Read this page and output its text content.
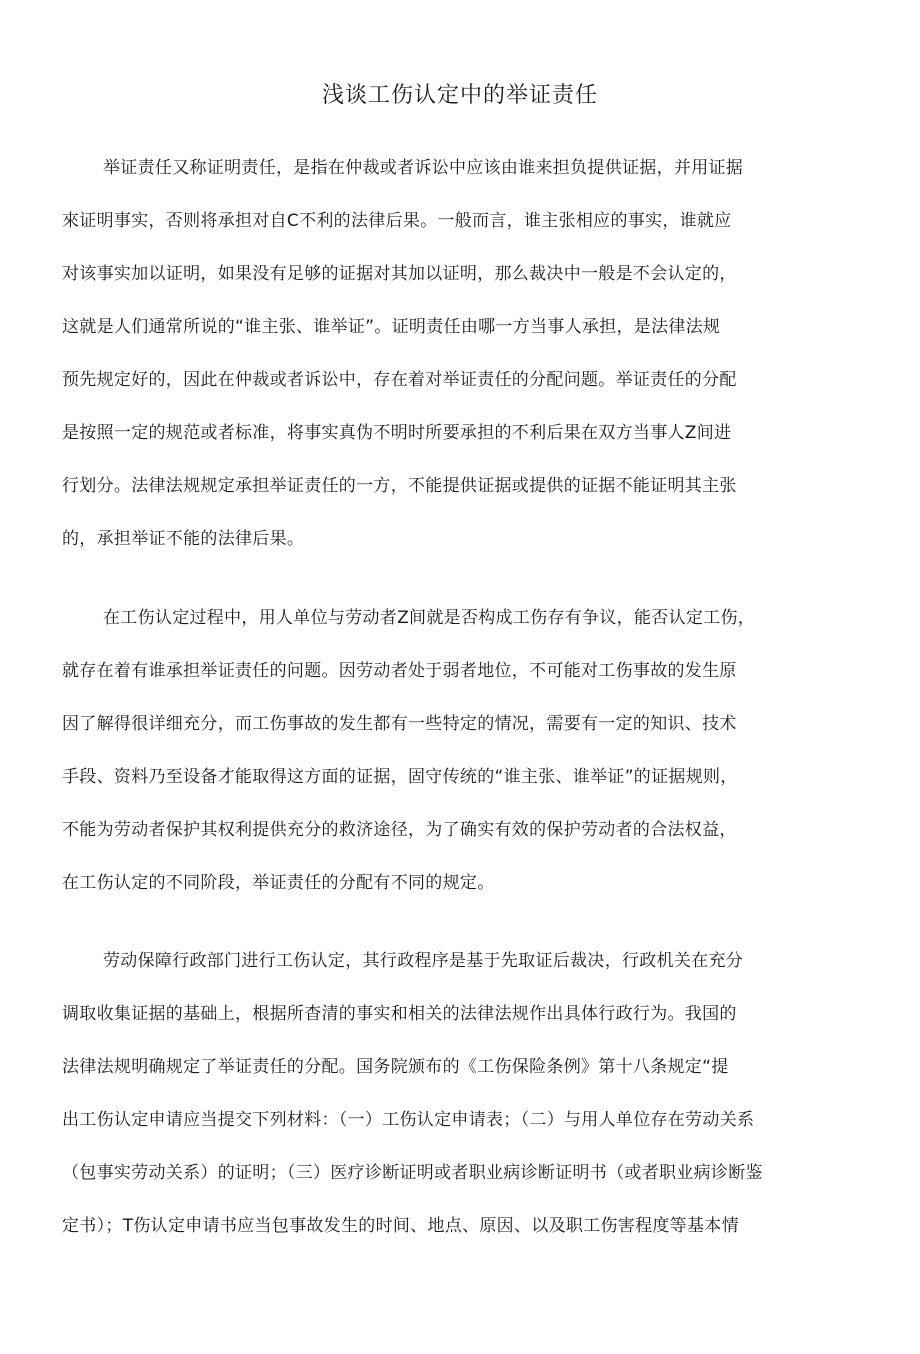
浅谈工伤认定中的举证责任
举证责任又称证明责任，是指在仲裁或者诉讼中应该由谁来担负提供证据，并用证据
來证明事实，否则将承担对自C不利的法律后果。一般而言，谁主张相应的事实，谁就应
对该事实加以证明，如果没有足够的证据对其加以证明，那么裁决中一般是不会认定的，
这就是人们通常所说的“谁主张、谁举证”。证明责任由哪一方当事人承担，是法律法规
预先规定好的，因此在仲裁或者诉讼中，存在着对举证责任的分配问题。举证责任的分配
是按照一定的规范或者标准，将事实真伪不明时所要承担的不利后果在双方当事人Z间进
行划分。法律法规规定承担举证责任的一方，不能提供证据或提供的证据不能证明其主张
的，承担举证不能的法律后果。
在工伤认定过程中，用人单位与劳动者Z间就是否构成工伤存有争议，能否认定工伤，
就存在着有谁承担举证责任的问题。因劳动者处于弱者地位，不可能对工伤事故的发生原
因了解得很详细充分，而工伤事故的发生都有一些特定的情况，需要有一定的知识、技术
手段、资料乃至设备才能取得这方面的证据，固守传统的“谁主张、谁举证”的证据规则，
不能为劳动者保护其权利提供充分的救济途径，为了确实有效的保护劳动者的合法权益，
在工伤认定的不同阶段，举证责任的分配有不同的规定。
劳动保障行政部门进行工伤认定，其行政程序是基于先取证后裁决，行政机关在充分
调取收集证据的基础上，根据所杳清的事实和相关的法律法规作出具体行政行为。我国的
法律法规明确规定了举证责任的分配。国务院颁布的《工伤保险条例》第十八条规定“提
出工伤认定申请应当提交下列材料：（一）工伤认定申请表；（二）与用人单位存在劳动关系
（包事实劳动关系）的证明；（三）医疗诊断证明或者职业病诊断证明书（或者职业病诊断鉴
定书）；T伤认定申请书应当包事故发生的时间、地点、原因、以及职工伤害程度等基本情
